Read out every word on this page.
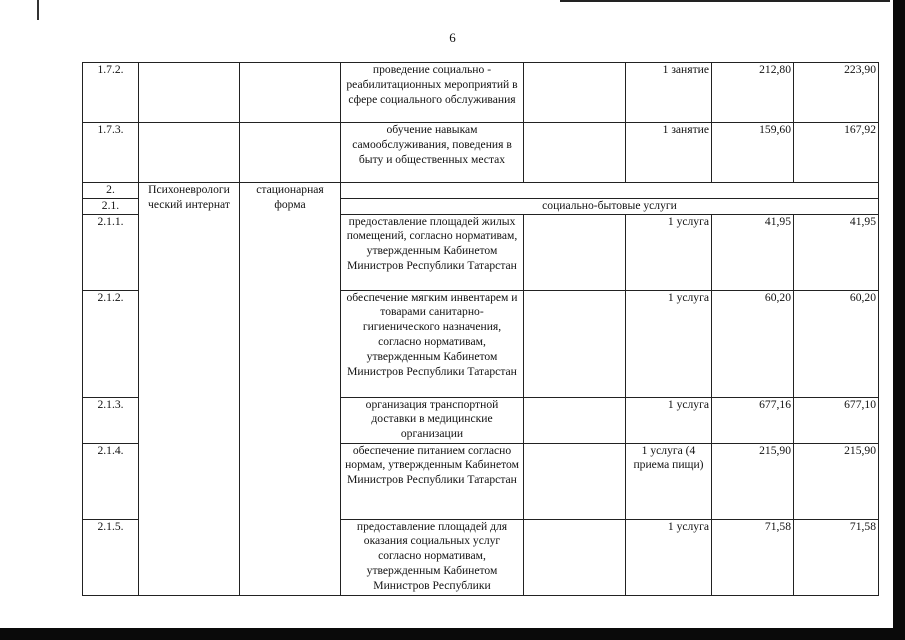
6
1.7.2.			проведение социально - реабилитационных мероприятий в сфере социального обслуживания		1 занятие	212,80	223,90
1.7.3.			обучение навыкам самообслуживания, поведения в быту и общественных местах		1 занятие	159,60	167,92
2.	Психоневрологи ческий интернат	стационарная форма					
2.1.			социально-бытовые услуги				
2.1.1.			предоставление площадей жилых помещений, согласно нормативам, утвержденным Кабинетом Министров Республики Татарстан		1 услуга	41,95	41,95
2.1.2.			обеспечение мягким инвентарем и товарами санитарно-гигиенического назначения, согласно нормативам, утвержденным Кабинетом Министров Республики Татарстан		1 услуга	60,20	60,20
2.1.3.			организация транспортной доставки в медицинские организации		1 услуга	677,16	677,10
2.1.4.			обеспечение питанием согласно нормам, утвержденным Кабинетом Министров Республики Татарстан		1 услуга (4 приема пищи)	215,90	215,90
2.1.5.			предоставление площадей для оказания социальных услуг согласно нормативам, утвержденным Кабинетом Министров Республики		1 услуга	71,58	71,58
